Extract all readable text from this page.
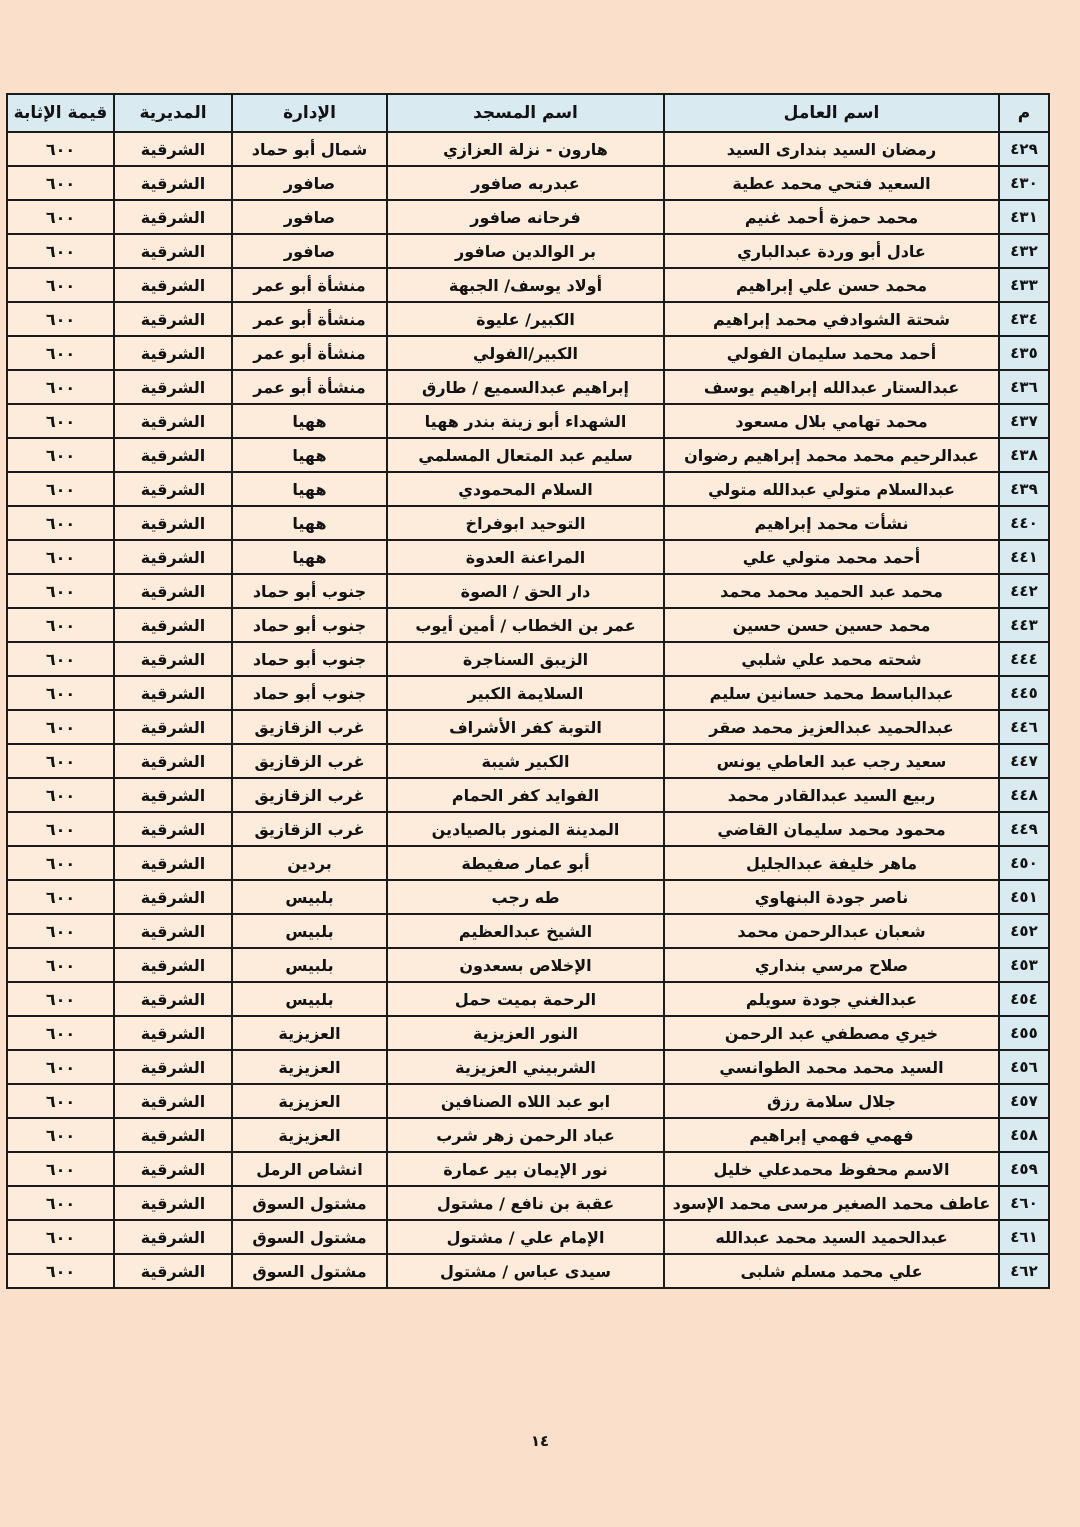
م	اسم العامل	اسم المسجد	الإدارة	المديرية	قيمة الإثابة
٤٢٩	رمضان السيد بندارى السيد	هارون - نزلة العزازي	شمال أبو حماد	الشرقية	٦٠٠
٤٣٠	السعيد فتحي محمد عطية	عبدربه صافور	صافور	الشرقية	٦٠٠
٤٣١	محمد حمزة أحمد غنيم	فرحانه صافور	صافور	الشرقية	٦٠٠
٤٣٢	عادل أبو وردة عبدالباري	بر الوالدين صافور	صافور	الشرقية	٦٠٠
٤٣٣	محمد حسن علي إبراهيم	أولاد يوسف/ الجبهة	منشأة أبو عمر	الشرقية	٦٠٠
٤٣٤	شحتة الشوادفي محمد إبراهيم	الكبير/ عليوة	منشأة أبو عمر	الشرقية	٦٠٠
٤٣٥	أحمد محمد سليمان الفولي	الكبير/الفولي	منشأة أبو عمر	الشرقية	٦٠٠
٤٣٦	عبدالستار عبدالله إبراهيم يوسف	إبراهيم عبدالسميع / طارق	منشأة أبو عمر	الشرقية	٦٠٠
٤٣٧	محمد تهامي بلال مسعود	الشهداء أبو زينة بندر ههيا	ههيا	الشرقية	٦٠٠
٤٣٨	عبدالرحيم محمد محمد إبراهيم رضوان	سليم عبد المتعال المسلمي	ههيا	الشرقية	٦٠٠
٤٣٩	عبدالسلام متولي عبدالله متولي	السلام المحمودي	ههيا	الشرقية	٦٠٠
٤٤٠	نشأت محمد إبراهيم	التوحيد ابوفراخ	ههيا	الشرقية	٦٠٠
٤٤١	أحمد محمد متولي علي	المراعنة العدوة	ههيا	الشرقية	٦٠٠
٤٤٢	محمد عبد الحميد محمد محمد	دار الحق / الصوة	جنوب أبو حماد	الشرقية	٦٠٠
٤٤٣	محمد حسين حسن حسين	عمر بن الخطاب / أمين أيوب	جنوب أبو حماد	الشرقية	٦٠٠
٤٤٤	شحته محمد علي شلبي	الزيبق السناجرة	جنوب أبو حماد	الشرقية	٦٠٠
٤٤٥	عبدالباسط محمد حسانين سليم	السلايمة الكبير	جنوب أبو حماد	الشرقية	٦٠٠
٤٤٦	عبدالحميد عبدالعزيز محمد صقر	التوبة كفر الأشراف	غرب الزقازيق	الشرقية	٦٠٠
٤٤٧	سعيد رجب عبد العاطي يونس	الكبير شيبة	غرب الزقازيق	الشرقية	٦٠٠
٤٤٨	ربيع السيد عبدالقادر محمد	الفوايد كفر الحمام	غرب الزقازيق	الشرقية	٦٠٠
٤٤٩	محمود محمد سليمان القاضي	المدينة المنور بالصيادين	غرب الزقازيق	الشرقية	٦٠٠
٤٥٠	ماهر خليفة عبدالجليل	أبو عمار صفيطة	بردين	الشرقية	٦٠٠
٤٥١	ناصر جودة البنهاوي	طه رجب	بلبيس	الشرقية	٦٠٠
٤٥٢	شعبان عبدالرحمن محمد	الشيخ عبدالعظيم	بلبيس	الشرقية	٦٠٠
٤٥٣	صلاح مرسي بنداري	الإخلاص بسعدون	بلبيس	الشرقية	٦٠٠
٤٥٤	عبدالغني جودة سويلم	الرحمة بميت حمل	بلبيس	الشرقية	٦٠٠
٤٥٥	خيري مصطفي عبد الرحمن	النور العزيزية	العزيزية	الشرقية	٦٠٠
٤٥٦	السيد محمد محمد الطوانسي	الشربيني العزيزية	العزيزية	الشرقية	٦٠٠
٤٥٧	جلال سلامة رزق	ابو عبد اللاه الصنافين	العزيزية	الشرقية	٦٠٠
٤٥٨	فهمي فهمي إبراهيم	عباد الرحمن زهر شرب	العزيزية	الشرقية	٦٠٠
٤٥٩	الاسم محفوظ محمدعلي خليل	نور الإيمان بير عمارة	انشاص الرمل	الشرقية	٦٠٠
٤٦٠	عاطف محمد الصغير مرسى محمد الإسود	عقبة بن نافع / مشتول	مشتول السوق	الشرقية	٦٠٠
٤٦١	عبدالحميد السيد محمد عبدالله	الإمام علي / مشتول	مشتول السوق	الشرقية	٦٠٠
٤٦٢	علي محمد مسلم شلبى	سيدى عباس / مشتول	مشتول السوق	الشرقية	٦٠٠
١٤
